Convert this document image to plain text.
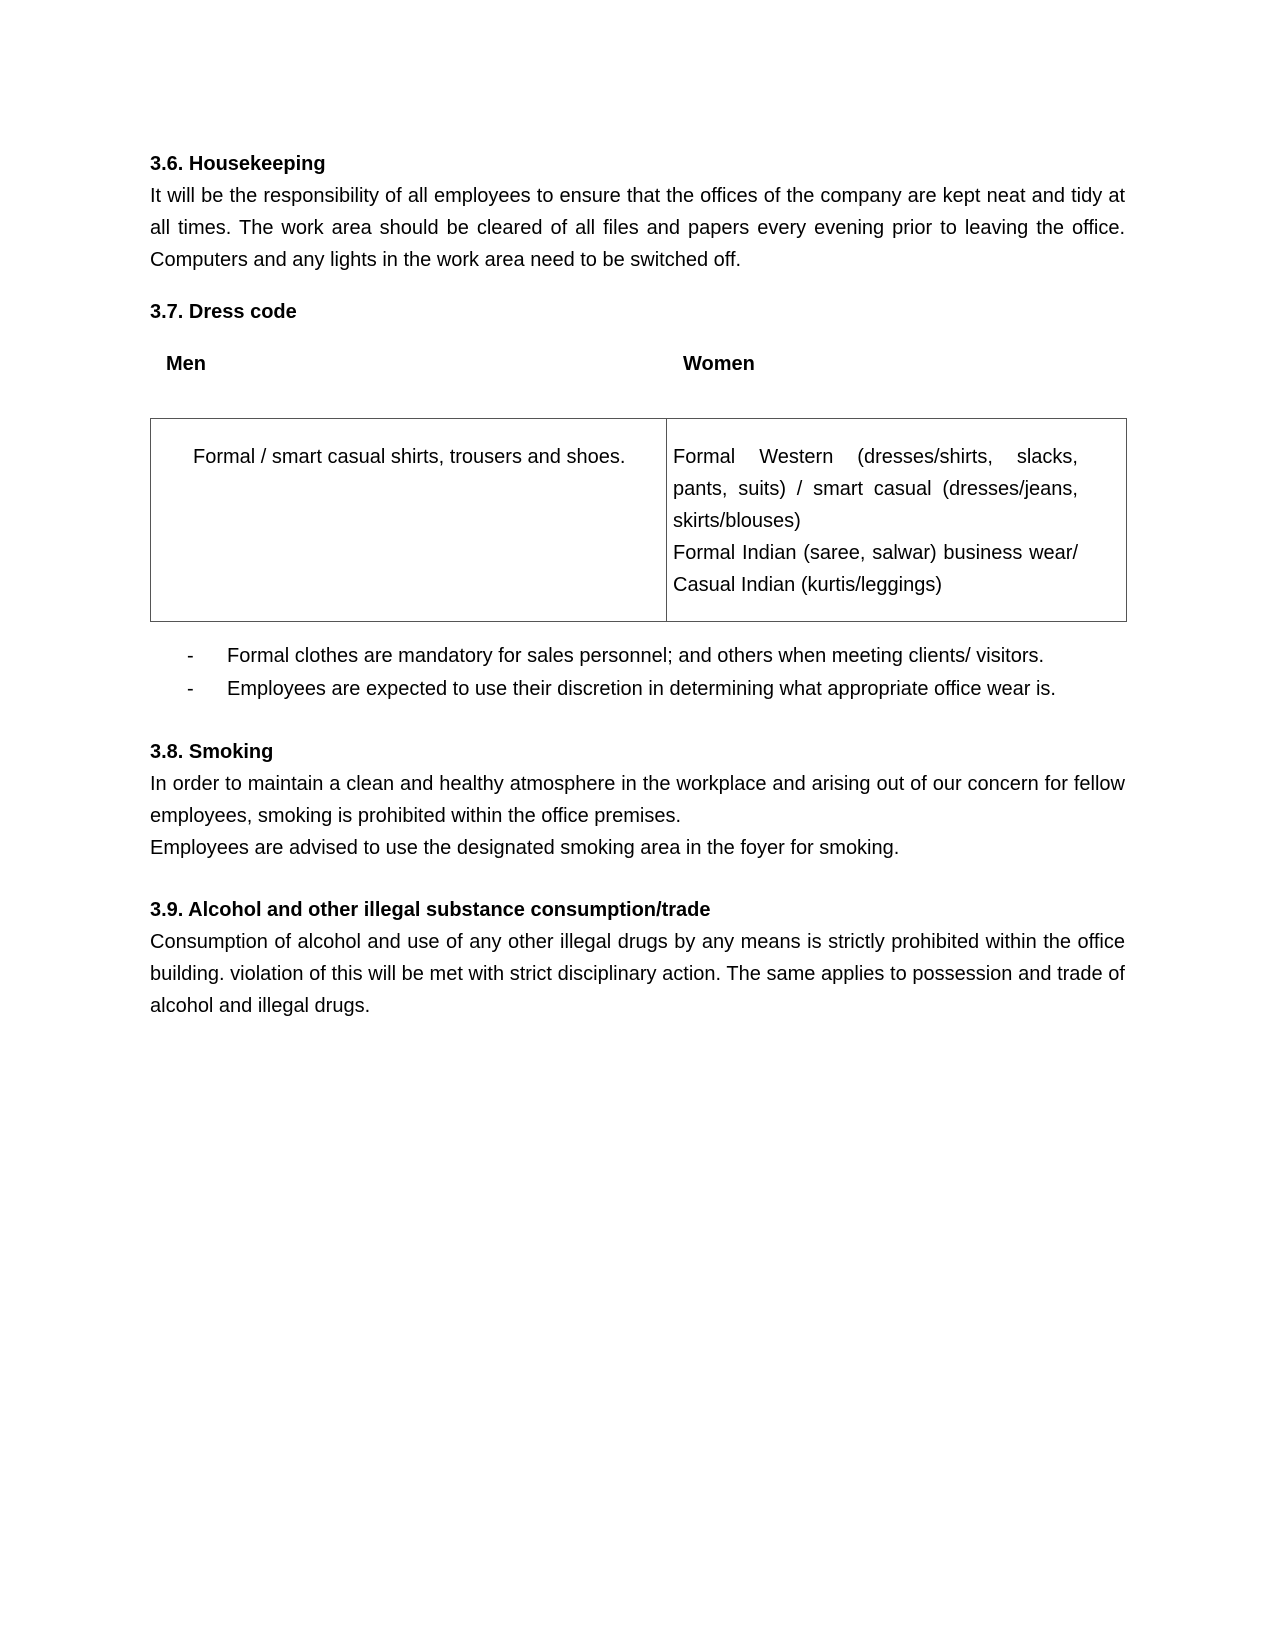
3.6. Housekeeping

It will be the responsibility of all employees to ensure that the offices of the company are kept neat and tidy at all times. The work area should be cleared of all files and papers every evening prior to leaving the office. Computers and any lights in the work area need to be switched off.

3.7. Dress code

Men	Women
Formal / smart casual shirts, trousers and shoes.	Formal Western (dresses/shirts, slacks, pants, suits) / smart casual (dresses/jeans, skirts/blouses)

Formal Indian (saree, salwar) business wear/ Casual Indian (kurtis/leggings)

- Formal clothes are mandatory for sales personnel; and others when meeting clients/ visitors.
- Employees are expected to use their discretion in determining what appropriate office wear is.

3.8. Smoking

In order to maintain a clean and healthy atmosphere in the workplace and arising out of our concern for fellow employees, smoking is prohibited within the office premises.

Employees are advised to use the designated smoking area in the foyer for smoking.

3.9. Alcohol and other illegal substance consumption/trade

Consumption of alcohol and use of any other illegal drugs by any means is strictly prohibited within the office building. violation of this will be met with strict disciplinary action. The same applies to possession and trade of alcohol and illegal drugs.
